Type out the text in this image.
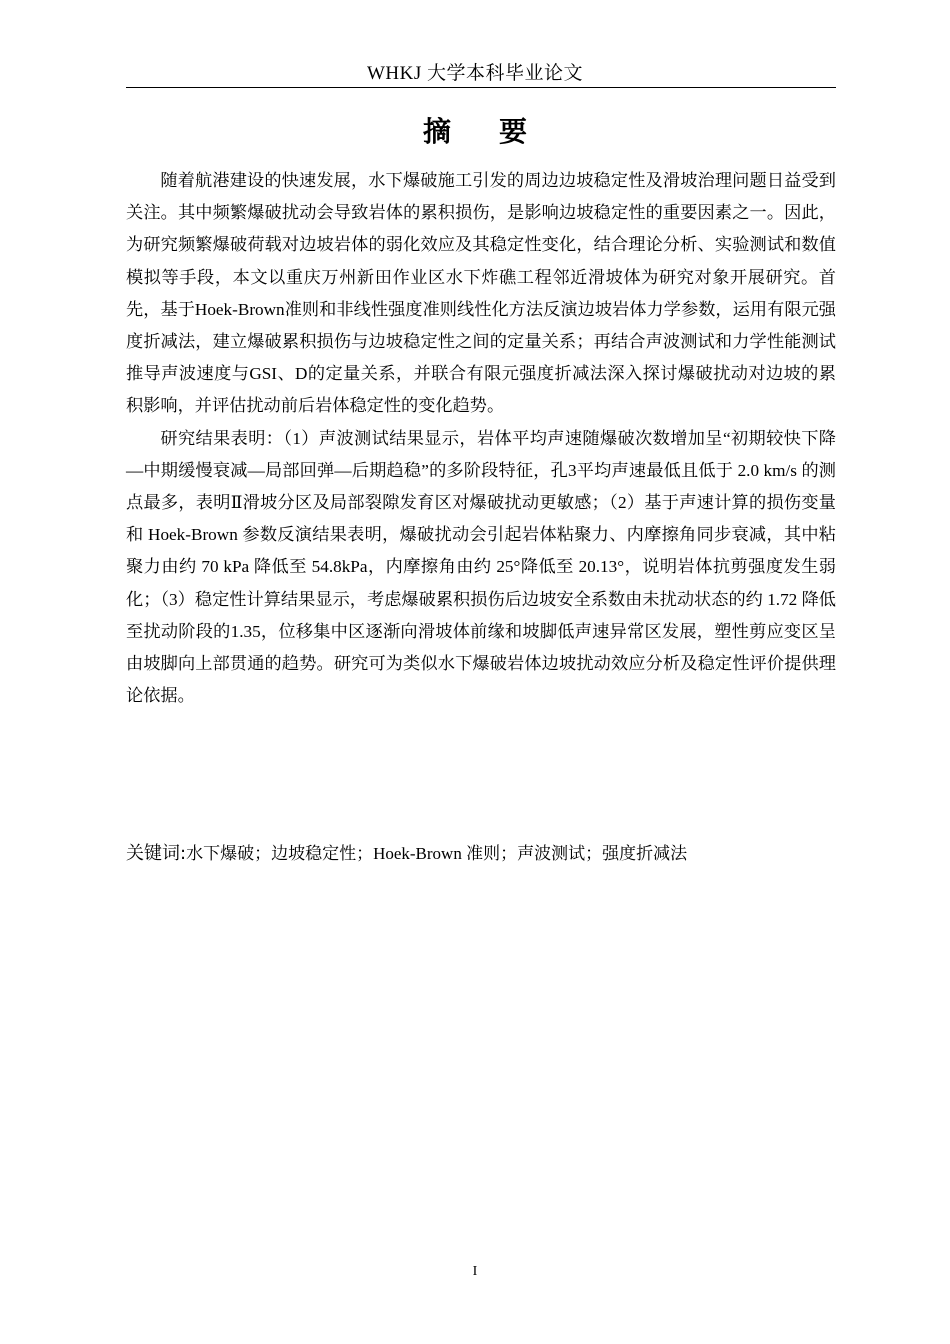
WHKJ 大学本科毕业论文
摘要

随着航港建设的快速发展，水下爆破施工引发的周边边坡稳定性及滑坡治理问题日益受到关注。其中频繁爆破扰动会导致岩体的累积损伤，是影响边坡稳定性的重要因素之一。因此，为研究频繁爆破荷载对边坡岩体的弱化效应及其稳定性变化，结合理论分析、实验测试和数值模拟等手段，本文以重庆万州新田作业区水下炸礁工程邻近滑坡体为研究对象开展研究。首先，基于Hoek-Brown准则和非线性强度准则线性化方法反演边坡岩体力学参数，运用有限元强度折减法，建立爆破累积损伤与边坡稳定性之间的定量关系；再结合声波测试和力学性能测试推导声波速度与GSI、D的定量关系，并联合有限元强度折减法深入探讨爆破扰动对边坡的累积影响，并评估扰动前后岩体稳定性的变化趋势。

研究结果表明：（1）声波测试结果显示，岩体平均声速随爆破次数增加呈“初期较快下降—中期缓慢衰减—局部回弹—后期趋稳”的多阶段特征，孔3平均声速最低且低于 2.0 km/s 的测点最多，表明Ⅱ滑坡分区及局部裂隙发育区对爆破扰动更敏感；（2）基于声速计算的损伤变量和 Hoek-Brown 参数反演结果表明，爆破扰动会引起岩体粘聚力、内摩擦角同步衰减，其中粘聚力由约 70 kPa 降低至 54.8kPa，内摩擦角由约 25°降低至 20.13°，说明岩体抗剪强度发生弱化；（3）稳定性计算结果显示，考虑爆破累积损伤后边坡安全系数由未扰动状态的约 1.72 降低至扰动阶段的1.35，位移集中区逐渐向滑坡体前缘和坡脚低声速异常区发展，塑性剪应变区呈由坡脚向上部贯通的趋势。研究可为类似水下爆破岩体边坡扰动效应分析及稳定性评价提供理论依据。

关键词:水下爆破；边坡稳定性；Hoek-Brown 准则；声波测试；强度折减法
I
